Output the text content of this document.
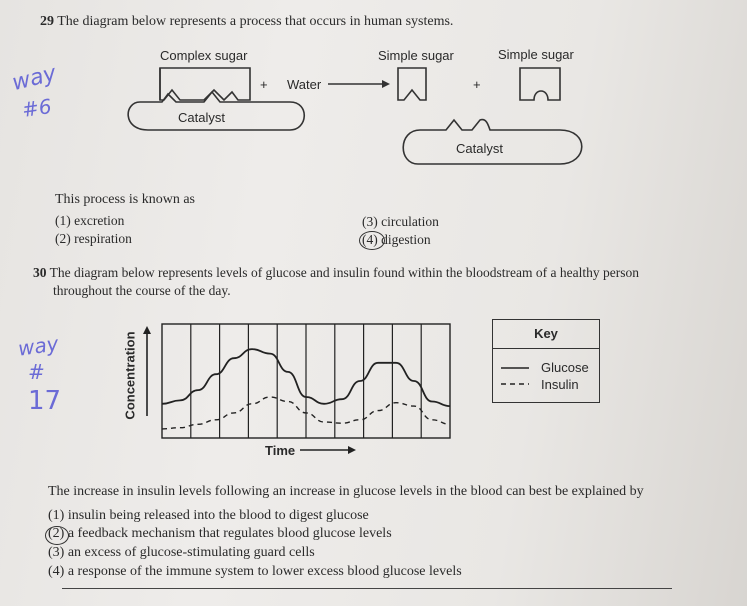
29 The diagram below represents a process that occurs in human systems.
Complex sugar
+ Water
Simple sugar
+
Simple sugar
Catalyst
Catalyst
way
#6
This process is known as
(1) excretion
(2) respiration
(3) circulation
(4) digestion
30 The diagram below represents levels of glucose and insulin found within the bloodstream of a healthy person
throughout the course of the day.
way
#
17	Concentration
Time
Key
Glucose
Insulin
The increase in insulin levels following an increase in glucose levels in the blood can best be explained by
(1) insulin being released into the blood to digest glucose
(2) a feedback mechanism that regulates blood glucose levels
(3) an excess of glucose-stimulating guard cells
(4) a response of the immune system to lower excess blood glucose levels
